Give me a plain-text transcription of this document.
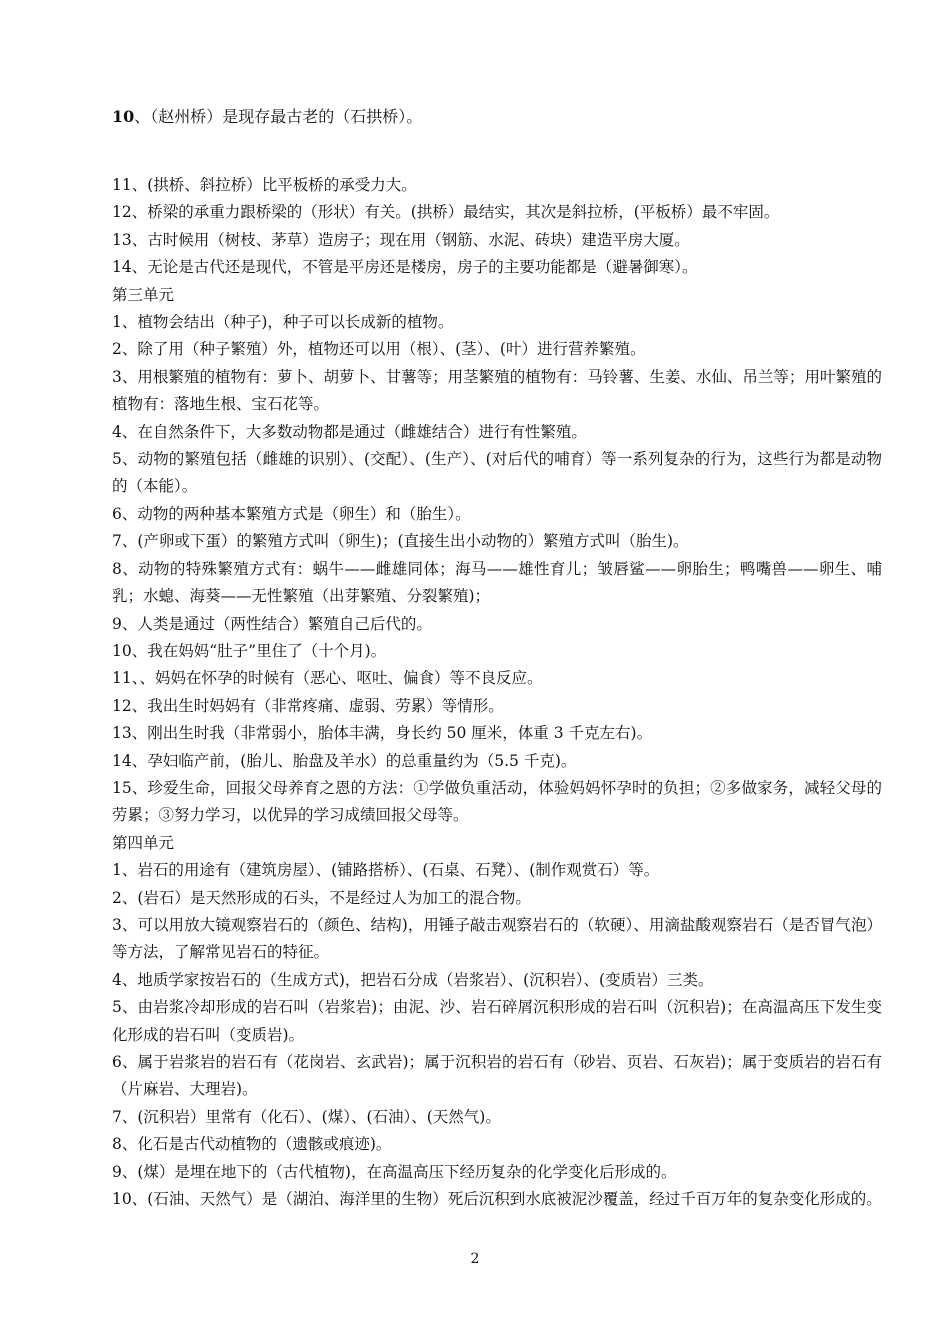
10、（赵州桥）是现存最古老的（石拱桥）。

11、(拱桥、斜拉桥）比平板桥的承受力大。

12、桥梁的承重力跟桥梁的（形状）有关。(拱桥）最结实，其次是斜拉桥，(平板桥）最不牢固。

13、古时候用（树枝、茅草）造房子；现在用（钢筋、水泥、砖块）建造平房大厦。

14、无论是古代还是现代，不管是平房还是楼房，房子的主要功能都是（避暑御寒）。

第三单元

1、植物会结出（种子)，种子可以长成新的植物。

2、除了用（种子繁殖）外，植物还可以用（根）、(茎）、(叶）进行营养繁殖。

3、用根繁殖的植物有：萝卜、胡萝卜、甘薯等；用茎繁殖的植物有：马铃薯、生姜、水仙、吊兰等；用叶繁殖的植物有：落地生根、宝石花等。

4、在自然条件下，大多数动物都是通过（雌雄结合）进行有性繁殖。

5、动物的繁殖包括（雌雄的识别）、(交配）、(生产）、(对后代的哺育）等一系列复杂的行为，这些行为都是动物的（本能）。

6、动物的两种基本繁殖方式是（卵生）和（胎生）。

7、(产卵或下蛋）的繁殖方式叫（卵生)；(直接生出小动物的）繁殖方式叫（胎生)。

8、动物的特殊繁殖方式有：蜗牛——雌雄同体；海马——雄性育儿；皱唇鲨——卵胎生；鸭嘴兽——卵生、哺乳；水螅、海葵——无性繁殖（出芽繁殖、分裂繁殖)；

9、人类是通过（两性结合）繁殖自己后代的。

10、我在妈妈“肚子”里住了（十个月)。

11、、妈妈在怀孕的时候有（恶心、呕吐、偏食）等不良反应。

12、我出生时妈妈有（非常疼痛、虚弱、劳累）等情形。

13、刚出生时我（非常弱小，胎体丰满，身长约 50 厘米，体重 3 千克左右)。

14、孕妇临产前，(胎儿、胎盘及羊水）的总重量约为（5.5 千克)。

15、珍爱生命，回报父母养育之恩的方法：①学做负重活动，体验妈妈怀孕时的负担；②多做家务，减轻父母的劳累；③努力学习，以优异的学习成绩回报父母等。

第四单元

1、岩石的用途有（建筑房屋）、(铺路搭桥）、(石桌、石凳）、(制作观赏石）等。

2、(岩石）是天然形成的石头，不是经过人为加工的混合物。

3、可以用放大镜观察岩石的（颜色、结构)，用锤子敲击观察岩石的（软硬）、用滴盐酸观察岩石（是否冒气泡）等方法，了解常见岩石的特征。

4、地质学家按岩石的（生成方式)，把岩石分成（岩浆岩）、(沉积岩）、(变质岩）三类。

5、由岩浆冷却形成的岩石叫（岩浆岩)；由泥、沙、岩石碎屑沉积形成的岩石叫（沉积岩)；在高温高压下发生变化形成的岩石叫（变质岩)。

6、属于岩浆岩的岩石有（花岗岩、玄武岩)；属于沉积岩的岩石有（砂岩、页岩、石灰岩)；属于变质岩的岩石有（片麻岩、大理岩)。

7、(沉积岩）里常有（化石）、(煤）、(石油）、(天然气)。

8、化石是古代动植物的（遗骸或痕迹)。

9、(煤）是埋在地下的（古代植物)，在高温高压下经历复杂的化学变化后形成的。

10、(石油、天然气）是（湖泊、海洋里的生物）死后沉积到水底被泥沙覆盖，经过千百万年的复杂变化形成的。

2
